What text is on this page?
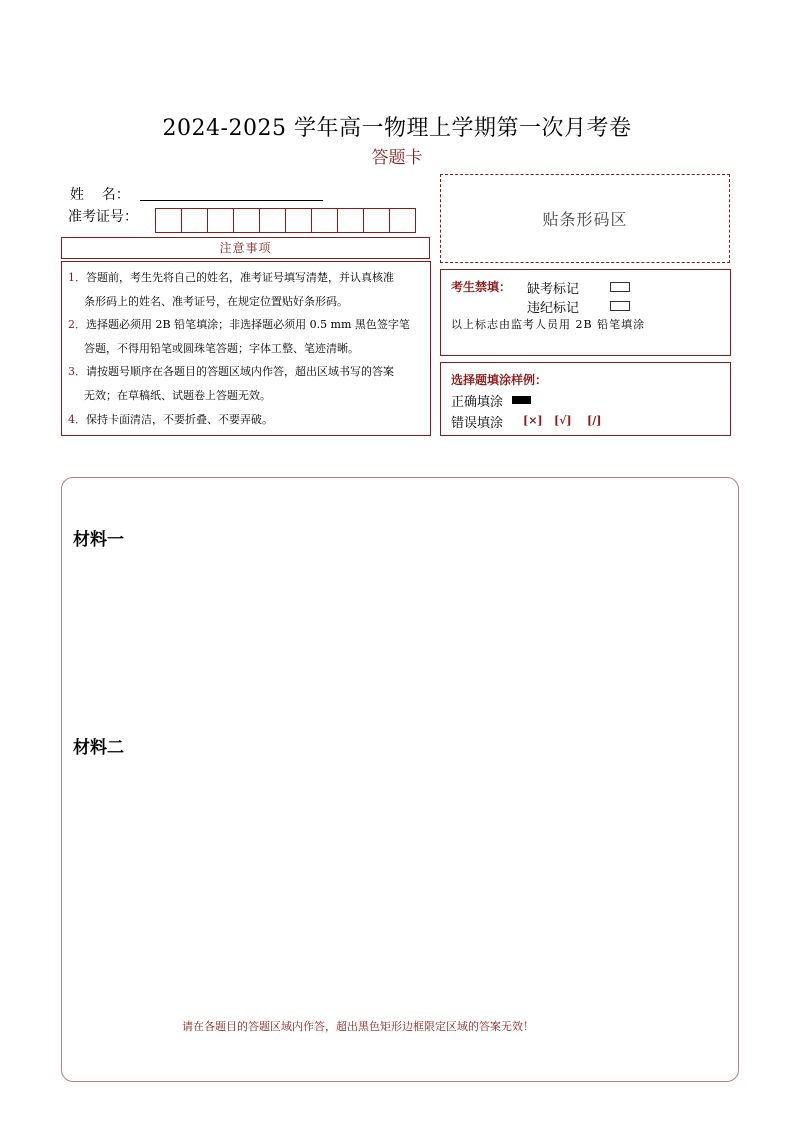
2024-2025 学年高一物理上学期第一次月考卷
答题卡
姓    名：
准考证号：	贴条形码区
注意事项
1．答题前，考生先将自己的姓名，准考证号填写清楚，并认真核准
条形码上的姓名、准考证号，在规定位置贴好条形码。
2．选择题必须用 2B 铅笔填涂；非选择题必须用 0.5 mm 黑色签字笔
答题，不得用铅笔或圆珠笔答题；字体工整、笔迹清晰。
3．请按题号顺序在各题目的答题区域内作答，超出区域书写的答案
无效；在草稿纸、试题卷上答题无效。
4．保持卡面清洁，不要折叠、不要弄破。
考生禁填： 缺考标记
违纪标记
以上标志由监考人员用 2B 铅笔填涂
选择题填涂样例：
正确填涂
错误填涂 [×] [√] [/]
材料一
材料二
请在各题目的答题区域内作答，超出黑色矩形边框限定区域的答案无效！
